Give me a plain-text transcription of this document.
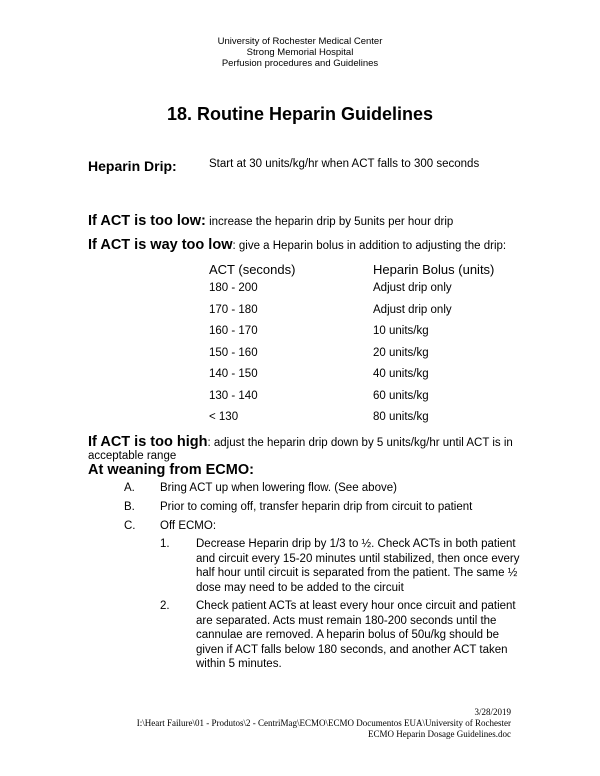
University of Rochester Medical Center
Strong Memorial Hospital
Perfusion procedures and Guidelines
18. Routine Heparin Guidelines
Heparin Drip:	Start at 30 units/kg/hr when ACT falls to 300 seconds
If ACT is too low: increase the heparin drip by 5units per hour drip
If ACT is way too low: give a Heparin bolus in addition to adjusting the drip:
ACT (seconds)	Heparin Bolus (units)
180 - 200	Adjust drip only
170 - 180	Adjust drip only
160 - 170	10 units/kg
150 - 160	20 units/kg
140 - 150	40 units/kg
130 - 140	60 units/kg
< 130	80 units/kg
If ACT is too high: adjust the heparin drip down by 5 units/kg/hr until ACT is in
acceptable range
At weaning from ECMO:
A. Bring ACT up when lowering flow. (See above)
B. Prior to coming off, transfer heparin drip from circuit to patient
C. Off ECMO:
1. Decrease Heparin drip by 1/3 to ½. Check ACTs in both patient
and circuit every 15-20 minutes until stabilized, then once every
half hour until circuit is separated from the patient. The same ½
dose may need to be added to the circuit
2. Check patient ACTs at least every hour once circuit and patient
are separated. Acts must remain 180-200 seconds until the
cannulae are removed. A heparin bolus of 50u/kg should be
given if ACT falls below 180 seconds, and another ACT taken
within 5 minutes.
3/28/2019
I:\Heart Failure\01 - Produtos\2 - CentriMag\ECMO\ECMO Documentos EUA\University of Rochester
ECMO Heparin Dosage Guidelines.doc
